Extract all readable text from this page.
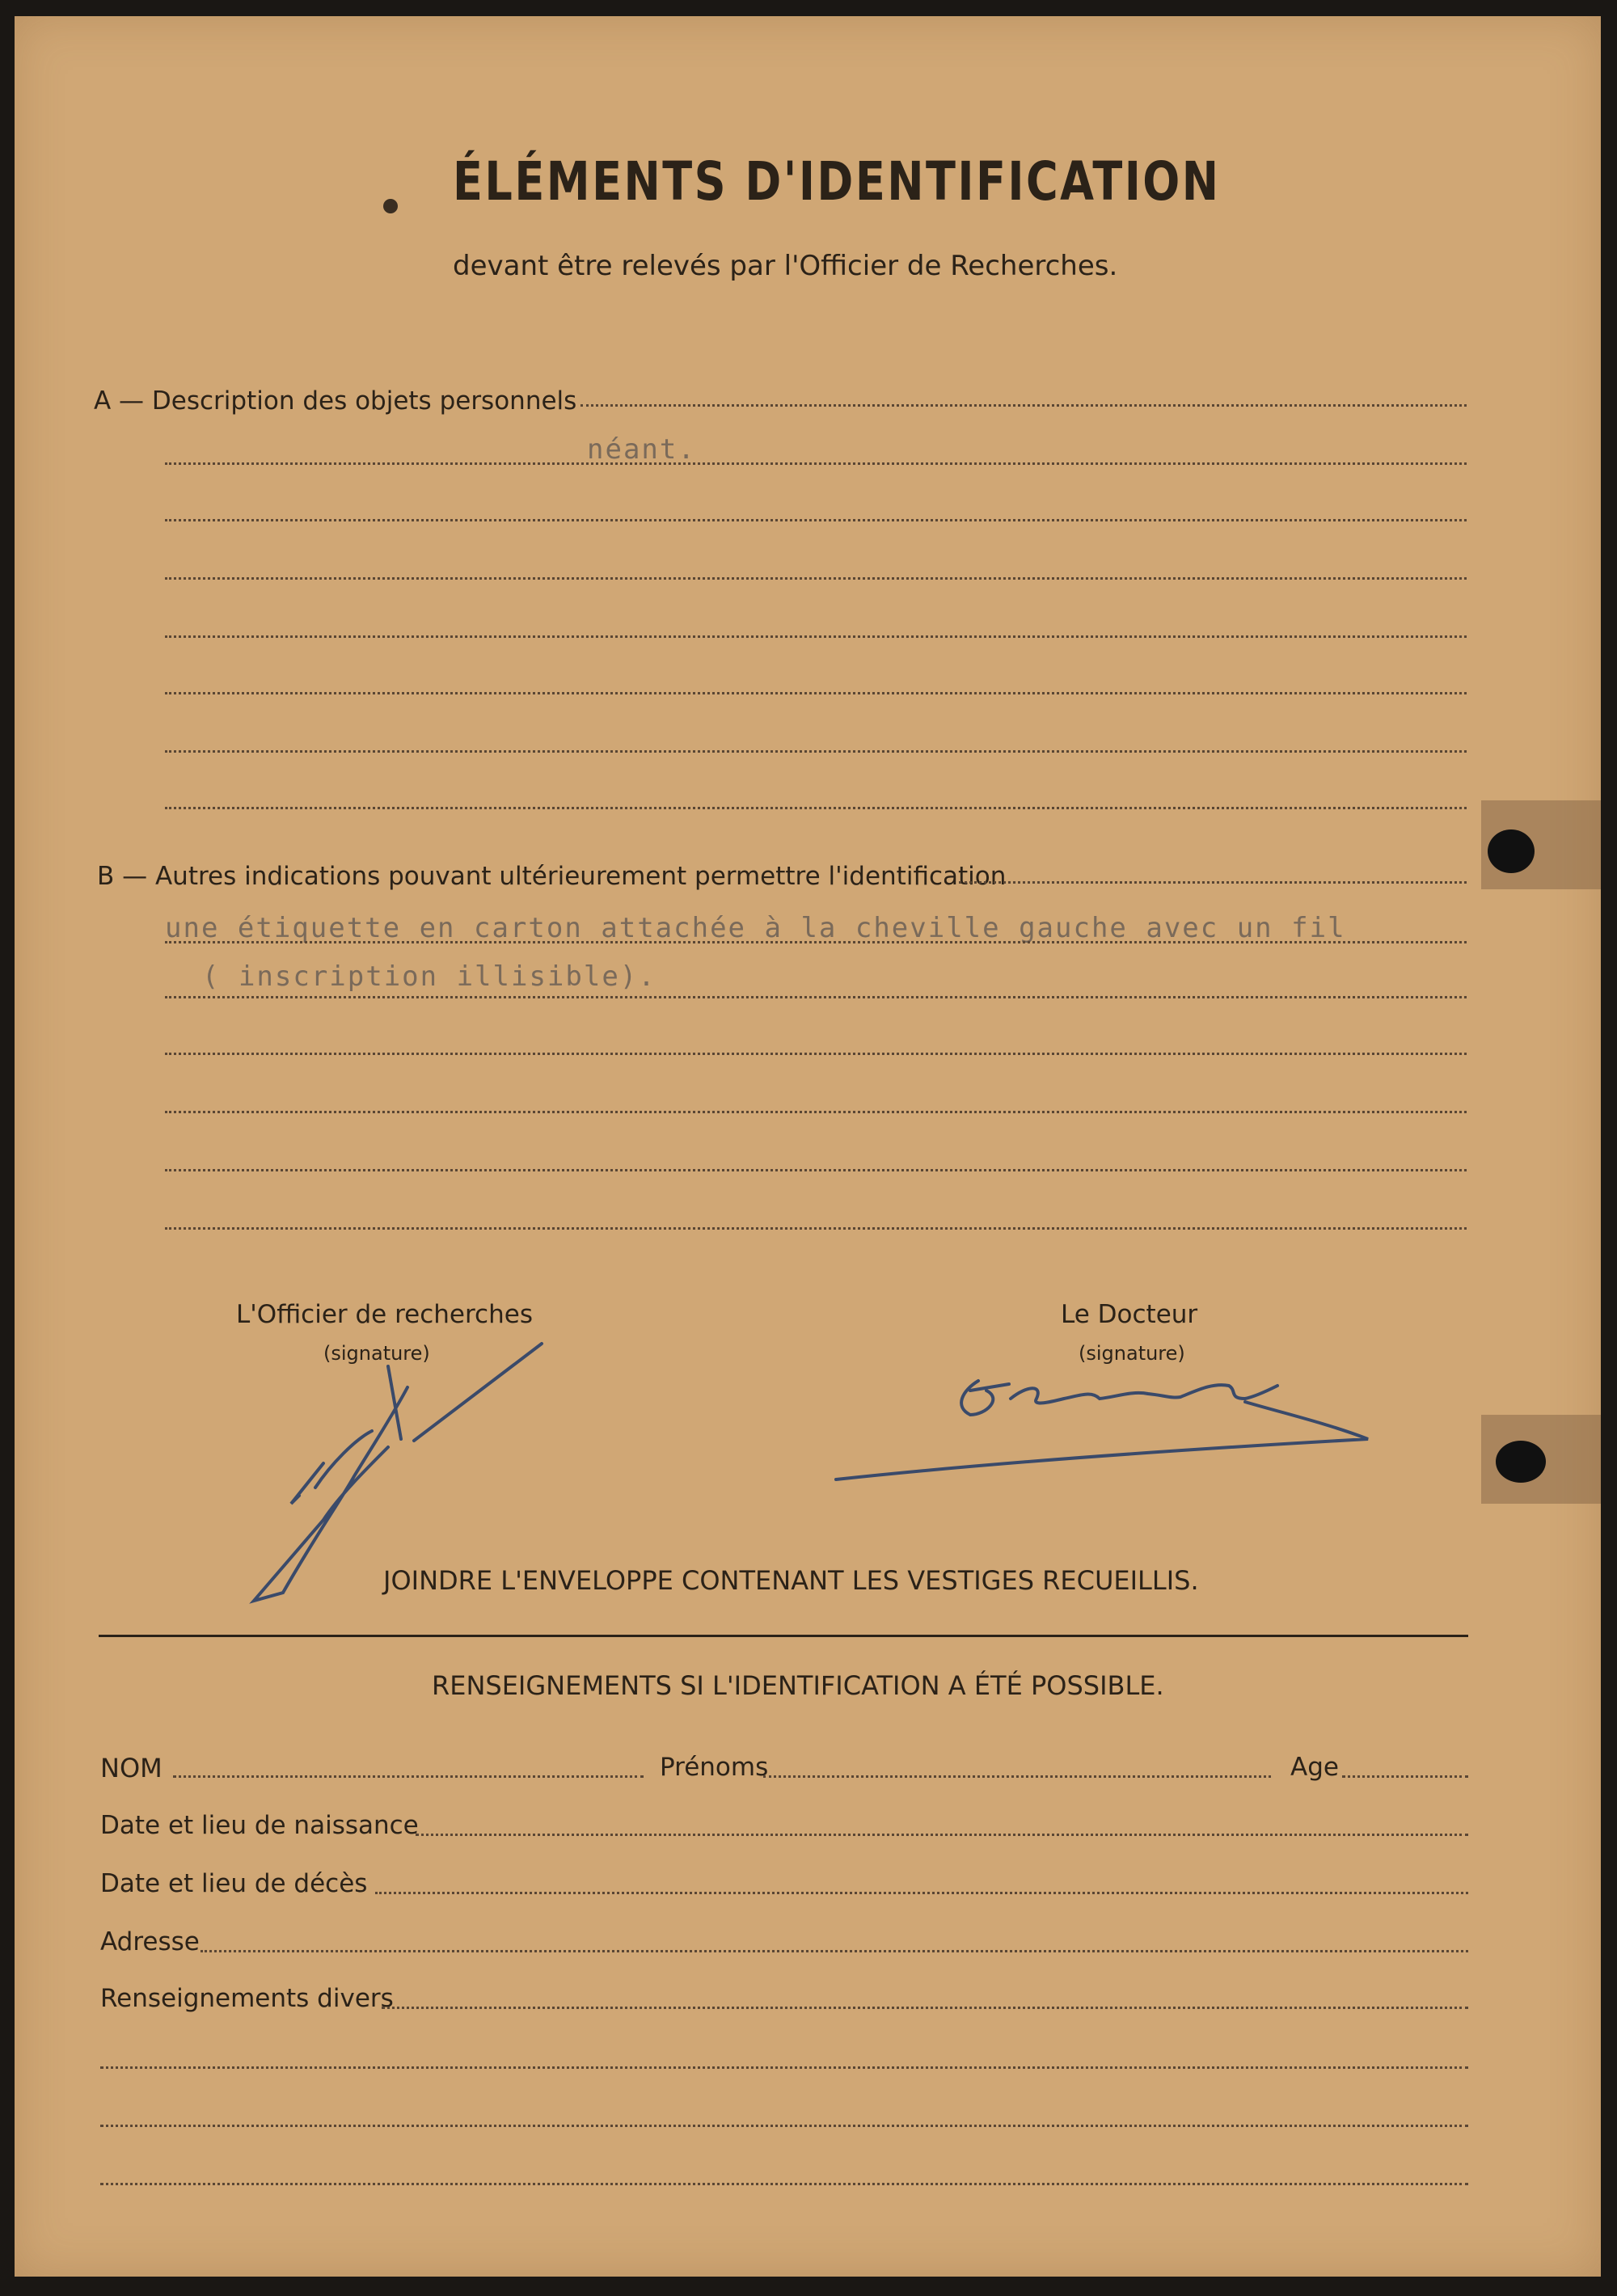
ÉLÉMENTS D'IDENTIFICATION
devant être relevés par l'Officier de Recherches.
A — Description des objets personnels
néant.
B — Autres indications pouvant ultérieurement permettre l'identification
une étiquette en carton attachée à la cheville gauche avec un fil
( inscription illisible).
L'Officier de recherches
(signature)
Le Docteur
(signature)
JOINDRE L'ENVELOPPE CONTENANT LES VESTIGES RECUEILLIS.
RENSEIGNEMENTS SI L'IDENTIFICATION A ÉTÉ POSSIBLE.
NOM	Prénoms	Age
Date et lieu de naissance
Date et lieu de décès
Adresse
Renseignements divers
